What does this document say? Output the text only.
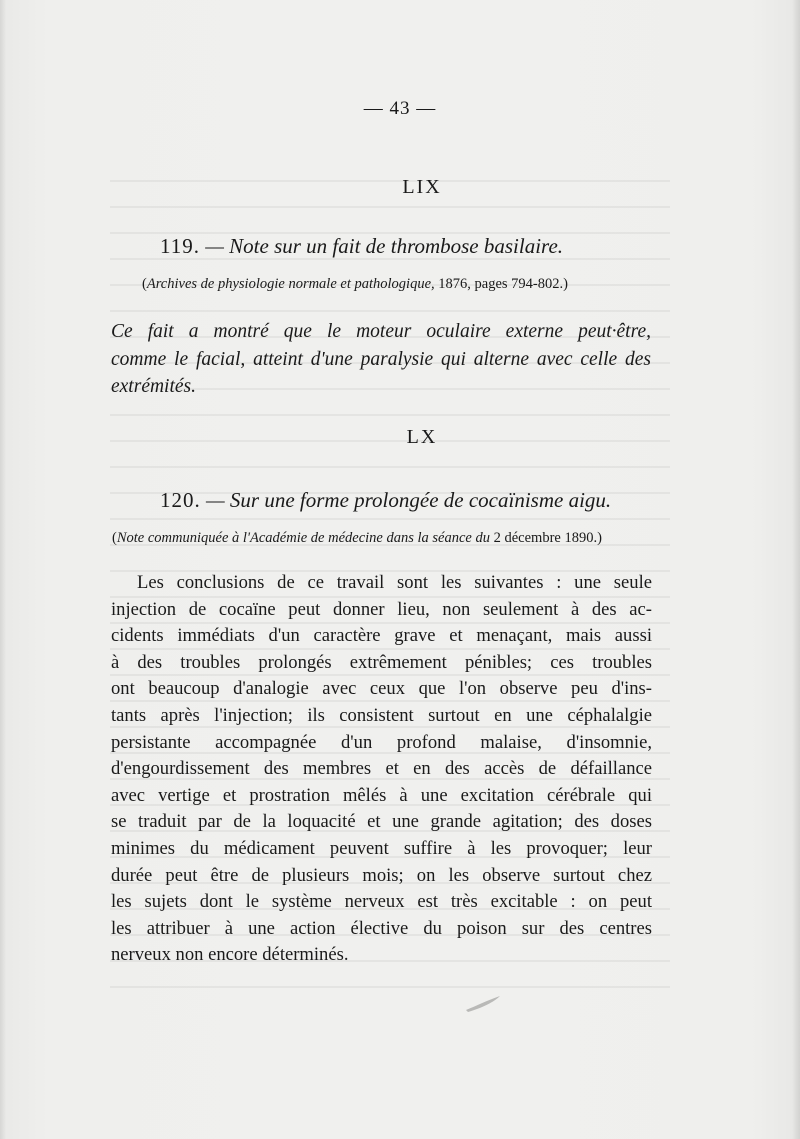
— 43 —
LIX
119. — Note sur un fait de thrombose basilaire.
(Archives de physiologie normale et pathologique, 1876, pages 794-802.)

Ce fait a montré que le moteur oculaire externe peut·être,
comme le facial, atteint d'une paralysie qui alterne avec celle des
extrémités.

LX
120. — Sur une forme prolongée de cocaïnisme aigu.
(Note communiquée à l'Académie de médecine dans la séance du 2 décembre 1890.)

Les conclusions de ce travail sont les suivantes : une seule
injection de cocaïne peut donner lieu, non seulement à des ac-
cidents immédiats d'un caractère grave et menaçant, mais aussi
à des troubles prolongés extrêmement pénibles; ces troubles
ont beaucoup d'analogie avec ceux que l'on observe peu d'ins-
tants après l'injection; ils consistent surtout en une céphalalgie
persistante accompagnée d'un profond malaise, d'insomnie,
d'engourdissement des membres et en des accès de défaillance
avec vertige et prostration mêlés à une excitation cérébrale qui
se traduit par de la loquacité et une grande agitation; des doses
minimes du médicament peuvent suffire à les provoquer; leur
durée peut être de plusieurs mois; on les observe surtout chez
les sujets dont le système nerveux est très excitable : on peut
les attribuer à une action élective du poison sur des centres
nerveux non encore déterminés.
